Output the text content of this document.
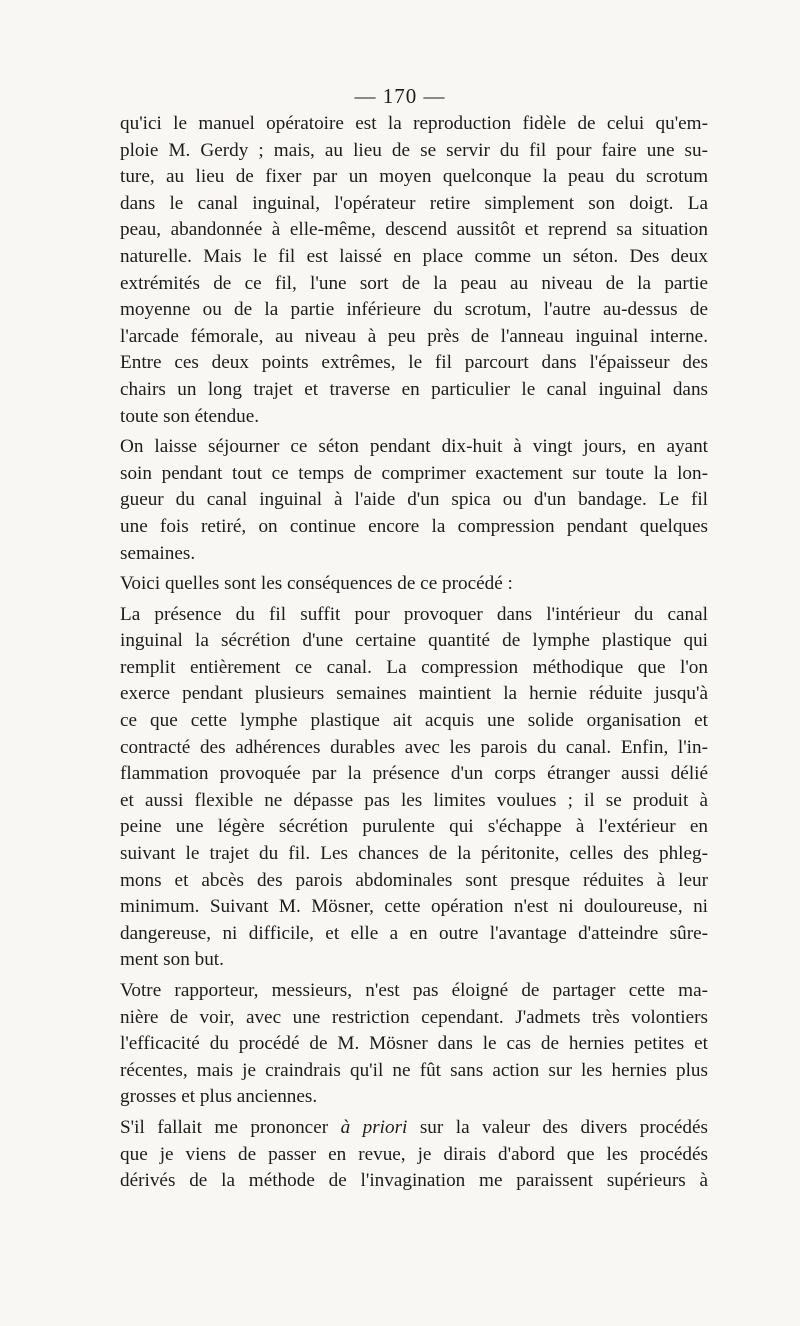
— 170 —
qu'ici le manuel opératoire est la reproduction fidèle de celui qu'em-
ploie M. Gerdy ; mais, au lieu de se servir du fil pour faire une su-
ture, au lieu de fixer par un moyen quelconque la peau du scrotum
dans le canal inguinal, l'opérateur retire simplement son doigt. La
peau, abandonnée à elle-même, descend aussitôt et reprend sa situation
naturelle. Mais le fil est laissé en place comme un séton. Des deux
extrémités de ce fil, l'une sort de la peau au niveau de la partie
moyenne ou de la partie inférieure du scrotum, l'autre au-dessus de
l'arcade fémorale, au niveau à peu près de l'anneau inguinal interne.
Entre ces deux points extrêmes, le fil parcourt dans l'épaisseur des
chairs un long trajet et traverse en particulier le canal inguinal dans
toute son étendue.
On laisse séjourner ce séton pendant dix-huit à vingt jours, en ayant
soin pendant tout ce temps de comprimer exactement sur toute la lon-
gueur du canal inguinal à l'aide d'un spica ou d'un bandage. Le fil
une fois retiré, on continue encore la compression pendant quelques
semaines.
Voici quelles sont les conséquences de ce procédé :
La présence du fil suffit pour provoquer dans l'intérieur du canal
inguinal la sécrétion d'une certaine quantité de lymphe plastique qui
remplit entièrement ce canal. La compression méthodique que l'on
exerce pendant plusieurs semaines maintient la hernie réduite jusqu'à
ce que cette lymphe plastique ait acquis une solide organisation et
contracté des adhérences durables avec les parois du canal. Enfin, l'in-
flammation provoquée par la présence d'un corps étranger aussi délié
et aussi flexible ne dépasse pas les limites voulues ; il se produit à
peine une légère sécrétion purulente qui s'échappe à l'extérieur en
suivant le trajet du fil. Les chances de la péritonite, celles des phleg-
mons et abcès des parois abdominales sont presque réduites à leur
minimum. Suivant M. Mösner, cette opération n'est ni douloureuse, ni
dangereuse, ni difficile, et elle a en outre l'avantage d'atteindre sûre-
ment son but.
Votre rapporteur, messieurs, n'est pas éloigné de partager cette ma-
nière de voir, avec une restriction cependant. J'admets très volontiers
l'efficacité du procédé de M. Mösner dans le cas de hernies petites et
récentes, mais je craindrais qu'il ne fût sans action sur les hernies plus
grosses et plus anciennes.
S'il fallait me prononcer à priori sur la valeur des divers procédés
que je viens de passer en revue, je dirais d'abord que les procédés
dérivés de la méthode de l'invagination me paraissent supérieurs à
